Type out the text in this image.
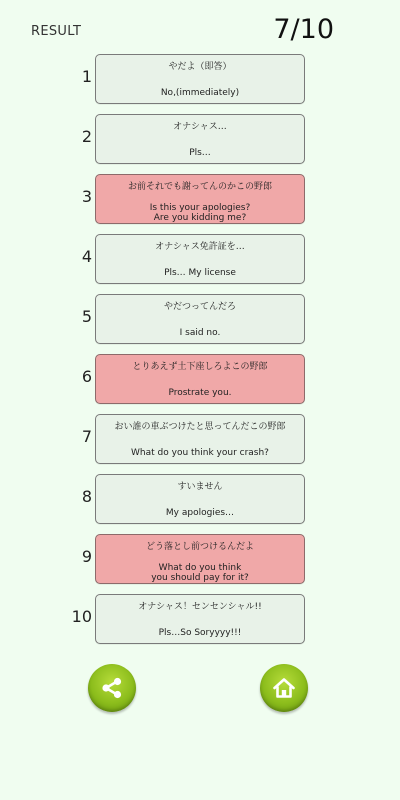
RESULT	7/10
1	やだよ（即答）
No,(immediately)
2	オナシャス…
Pls…
3	お前それでも謝ってんのかこの野郎
Is this your apologies?
Are you kidding me?
4	オナシャス免許証を…
Pls… My license
5	やだつってんだろ
I said no.
6	とりあえず土下座しろよこの野郎
Prostrate you.
7	おい誰の車ぶつけたと思ってんだこの野郎
What do you think your crash?
8	すいません
My apologies…
9	どう落とし前つけるんだよ
What do you think
you should pay for it?
10	オナシャス！センセンシャル!!
Pls…So Soryyyy!!!
